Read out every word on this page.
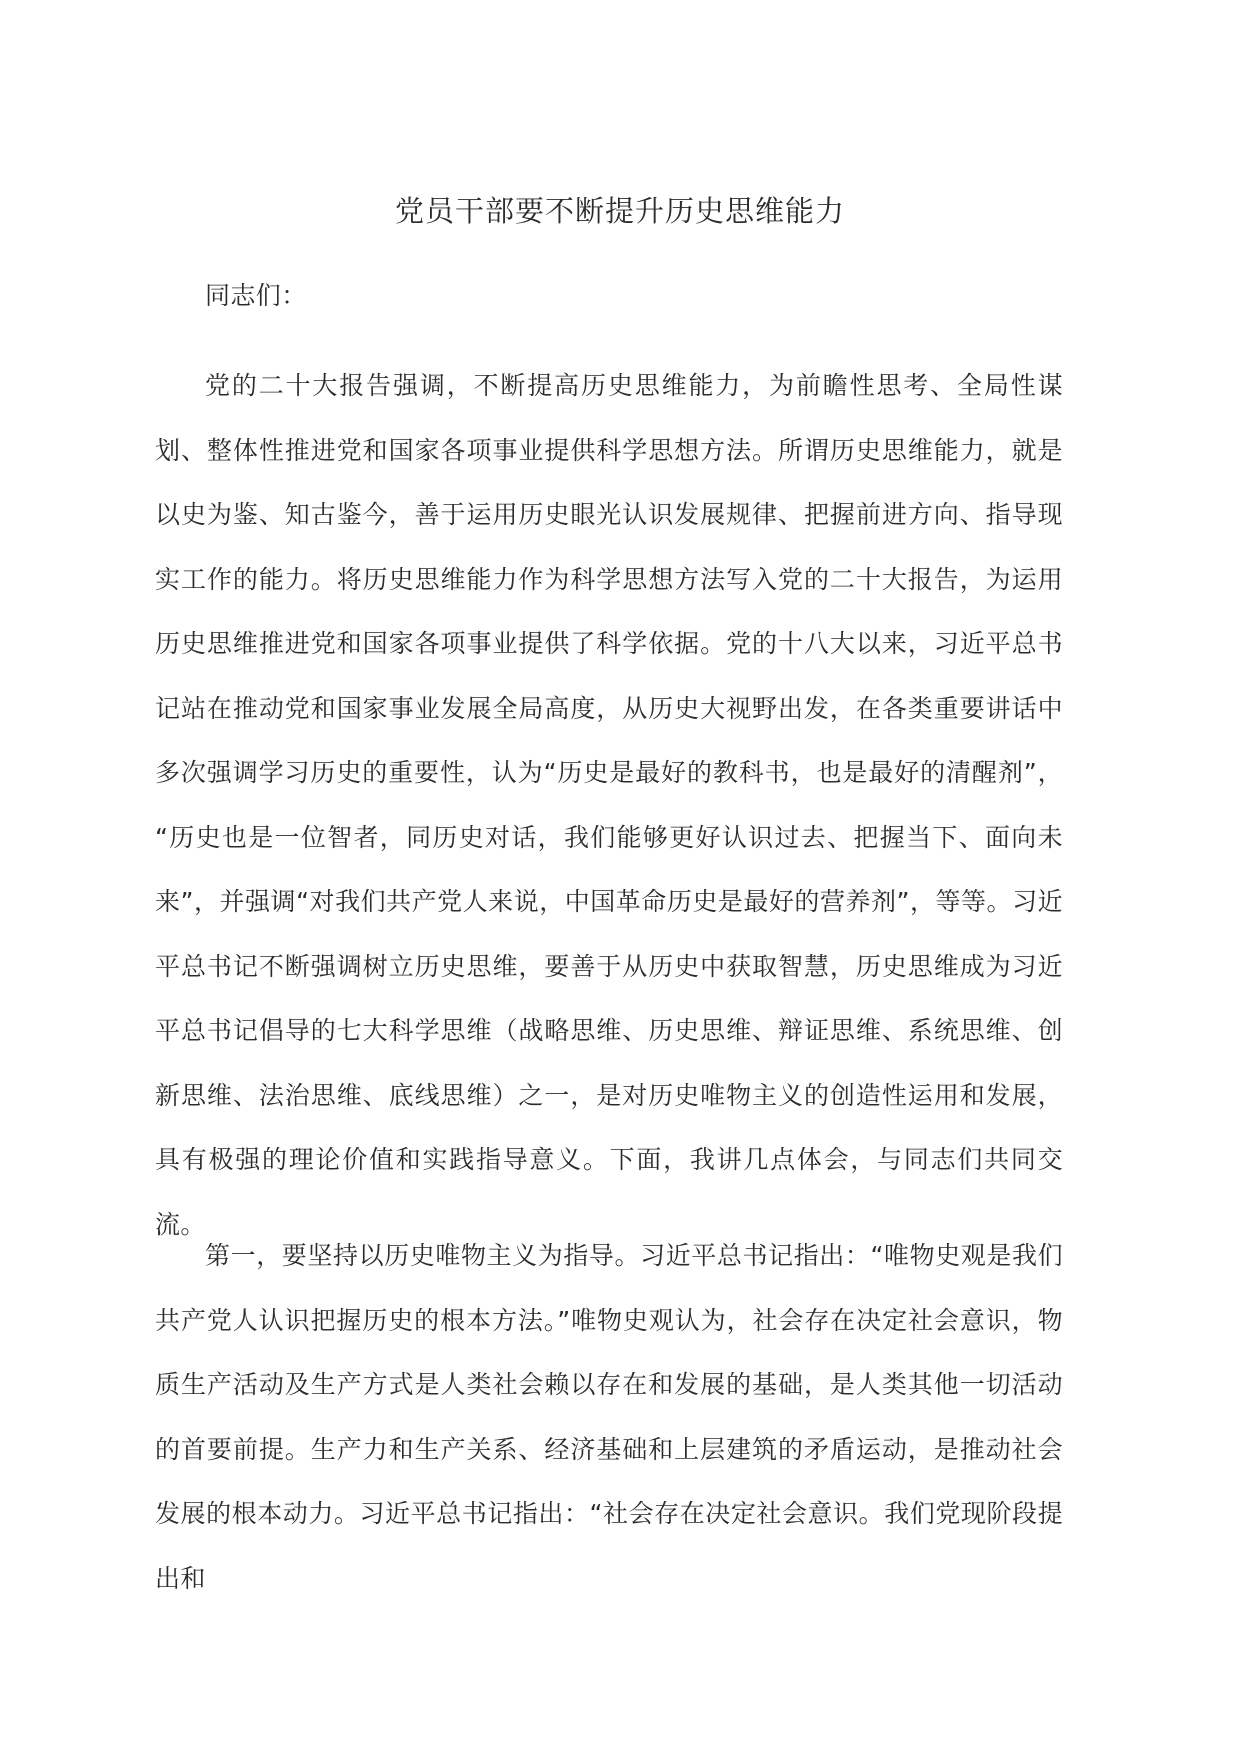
党员干部要不断提升历史思维能力
同志们：
党的二十大报告强调，不断提高历史思维能力，为前瞻性思考、全局性谋划、整体性推进党和国家各项事业提供科学思想方法。所谓历史思维能力，就是以史为鉴、知古鉴今，善于运用历史眼光认识发展规律、把握前进方向、指导现实工作的能力。将历史思维能力作为科学思想方法写入党的二十大报告，为运用历史思维推进党和国家各项事业提供了科学依据。党的十八大以来，习近平总书记站在推动党和国家事业发展全局高度，从历史大视野出发，在各类重要讲话中多次强调学习历史的重要性，认为“历史是最好的教科书，也是最好的清醒剂”， “历史也是一位智者，同历史对话，我们能够更好认识过去、把握当下、面向未来”，并强调“对我们共产党人来说，中国革命历史是最好的营养剂”，等等。习近平总书记不断强调树立历史思维，要善于从历史中获取智慧，历史思维成为习近平总书记倡导的七大科学思维（战略思维、历史思维、辩证思维、系统思维、创新思维、法治思维、底线思维）之一，是对历史唯物主义的创造性运用和发展，具有极强的理论价值和实践指导意义。下面，我讲几点体会，与同志们共同交流。
第一，要坚持以历史唯物主义为指导。习近平总书记指出：“唯物史观是我们共产党人认识把握历史的根本方法。”唯物史观认为，社会存在决定社会意识，物质生产活动及生产方式是人类社会赖以存在和发展的基础，是人类其他一切活动的首要前提。生产力和生产关系、经济基础和上层建筑的矛盾运动，是推动社会发展的根本动力。习近平总书记指出：“社会存在决定社会意识。我们党现阶段提出和
